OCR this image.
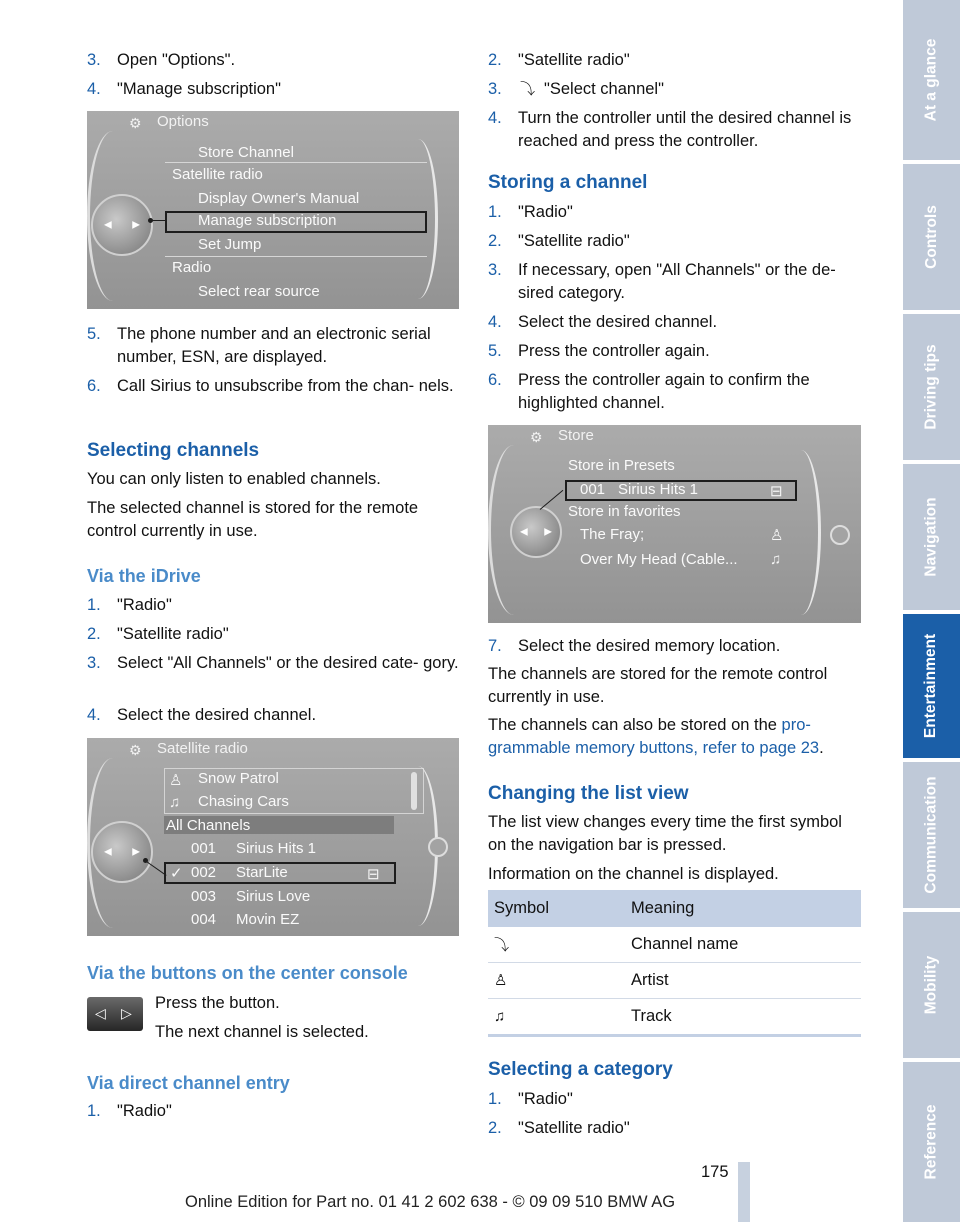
3. Open "Options".
4. "Manage subscription"
⚙ Options
◀ ▶
Store Channel
Satellite radio
Display Owner's Manual
Manage subscription
Set Jump
Radio
Select rear source
5. The phone number and an electronic serial number, ESN, are displayed.
6. Call Sirius to unsubscribe from the chan- nels.
Selecting channels
You can only listen to enabled channels.
The selected channel is stored for the remote control currently in use.
Via the iDrive
1. "Radio"
2. "Satellite radio"
3. Select "All Channels" or the desired cate- gory.
4. Select the desired channel.
⚙ Satellite radio
♙ Snow Patrol
♫ Chasing Cars
All Channels
◀ ▶	001 Sirius Hits 1
✓ 002 StarLite	⊟
003 Sirius Love
004 Movin EZ
Via the buttons on the center console
Press the button.
The next channel is selected.
Via direct channel entry
1. "Radio"
◁ ▷
2. "Satellite radio"
3.	"Select channel"
⤵
4. Turn the controller until the desired channel is reached and press the controller.
Storing a channel
1. "Radio"
2. "Satellite radio"
3. If necessary, open "All Channels" or the de- sired category.
4. Select the desired channel.
5. Press the controller again.
6. Press the controller again to confirm the highlighted channel.
⚙ Store
Store in Presets
001 Sirius Hits 1	⊟
Store in favorites
◀ ▶ The Fray;	♙
Over My Head (Cable... ♫
7. Select the desired memory location.
The channels are stored for the remote control currently in use.
The channels can also be stored on the pro- grammable memory buttons, refer to page 23.
Changing the list view
The list view changes every time the first symbol on the navigation bar is pressed.
Information on the channel is displayed.
Selecting a category
1. "Radio"
2. "Satellite radio"
Symbol	Meaning
⤵	Channel name
♙	Artist
♫	Track
At a glance
Controls
Driving tips
Navigation
Entertainment
Communication
Mobility
Reference
175
Online Edition for Part no. 01 41 2 602 638 - © 09 09 510 BMW AG
